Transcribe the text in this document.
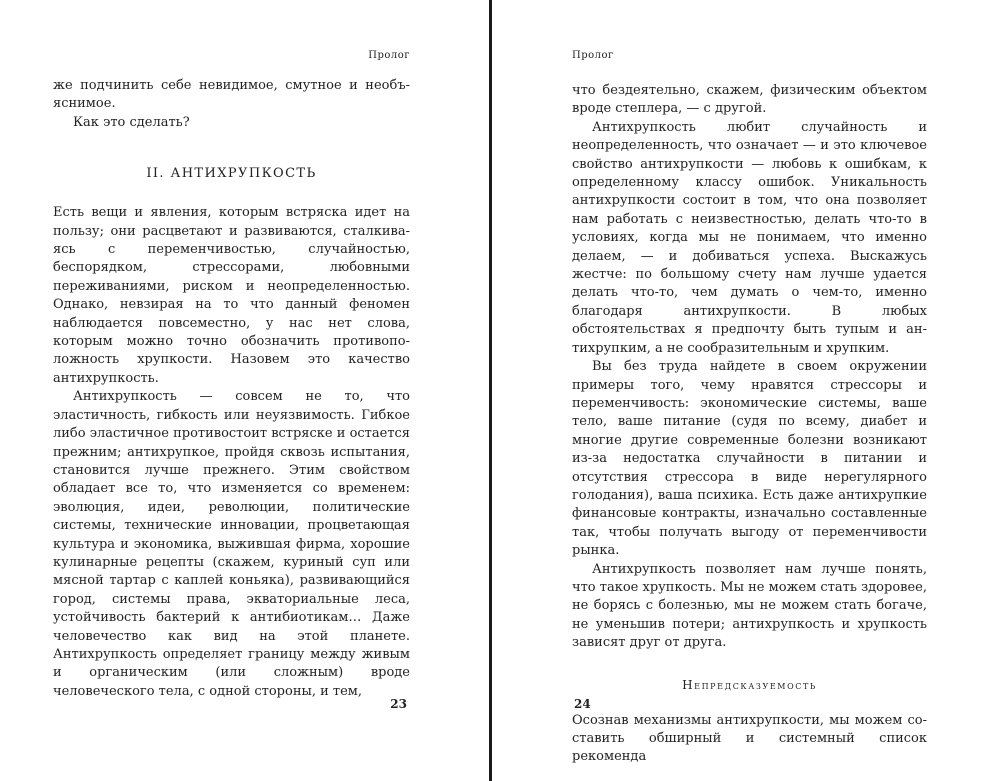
Пролог

же подчинить себе невидимое, смутное и необъяснимое.

Как это сделать?

II. АНТИХРУПКОСТЬ

Есть вещи и явления, которым встряска идет на пользу; они расцветают и развиваются, сталкиваясь с переменчивостью, случайностью, беспорядком, стрессорами, любовными переживаниями, риском и неопределенностью. Однако, невзирая на то что данный феномен наблюдается повсеместно, у нас нет слова, которым можно точно обозначить противоположность хрупкости. Назовем это качество антихрупкость.

Антихрупкость — совсем не то, что эластичность, гибкость или неуязвимость. Гибкое либо эластичное противостоит встряске и остается прежним; антихрупкое, пройдя сквозь испытания, становится лучше прежнего. Этим свойством обладает все то, что изменяется со временем: эволюция, идеи, революции, политические системы, технические инновации, процветающая культура и экономика, выжившая фирма, хорошие кулинарные рецепты (скажем, куриный суп или мясной тартар с каплей коньяка), развивающийся город, системы права, экваториальные леса, устойчивость бактерий к антибиотикам… Даже человечество как вид на этой планете. Антихрупкость определяет границу между живым и органическим (или сложным) вроде человеческого тела, с одной стороны, и тем,

23
Пролог

что бездеятельно, скажем, физическим объектом вроде степлера, — с другой.

Антихрупкость любит случайность и неопределенность, что означает — и это ключевое свойство антихрупкости — любовь к ошибкам, к определенному классу ошибок. Уникальность антихрупкости состоит в том, что она позволяет нам работать с неизвестностью, делать что-то в условиях, когда мы не понимаем, что именно делаем, — и добиваться успеха. Выскажусь жестче: по большому счету нам лучше удается делать что-то, чем думать о чем-то, именно благодаря антихрупкости. В любых обстоятельствах я предпочту быть тупым и антихрупким, а не сообразительным и хрупким.

Вы без труда найдете в своем окружении примеры того, чему нравятся стрессоры и переменчивость: экономические системы, ваше тело, ваше питание (судя по всему, диабет и многие другие современные болезни возникают из-за недостатка случайности в питании и отсутствия стрессора в виде нерегулярного голодания), ваша психика. Есть даже антихрупкие финансовые контракты, изначально составленные так, чтобы получать выгоду от переменчивости рынка.

Антихрупкость позволяет нам лучше понять, что такое хрупкость. Мы не можем стать здоровее, не борясь с болезнью, мы не можем стать богаче, не уменьшив потери; антихрупкость и хрупкость зависят друг от друга.

Непредсказуемость

Осознав механизмы антихрупкости, мы можем составить обширный и системный список рекоменда

24
